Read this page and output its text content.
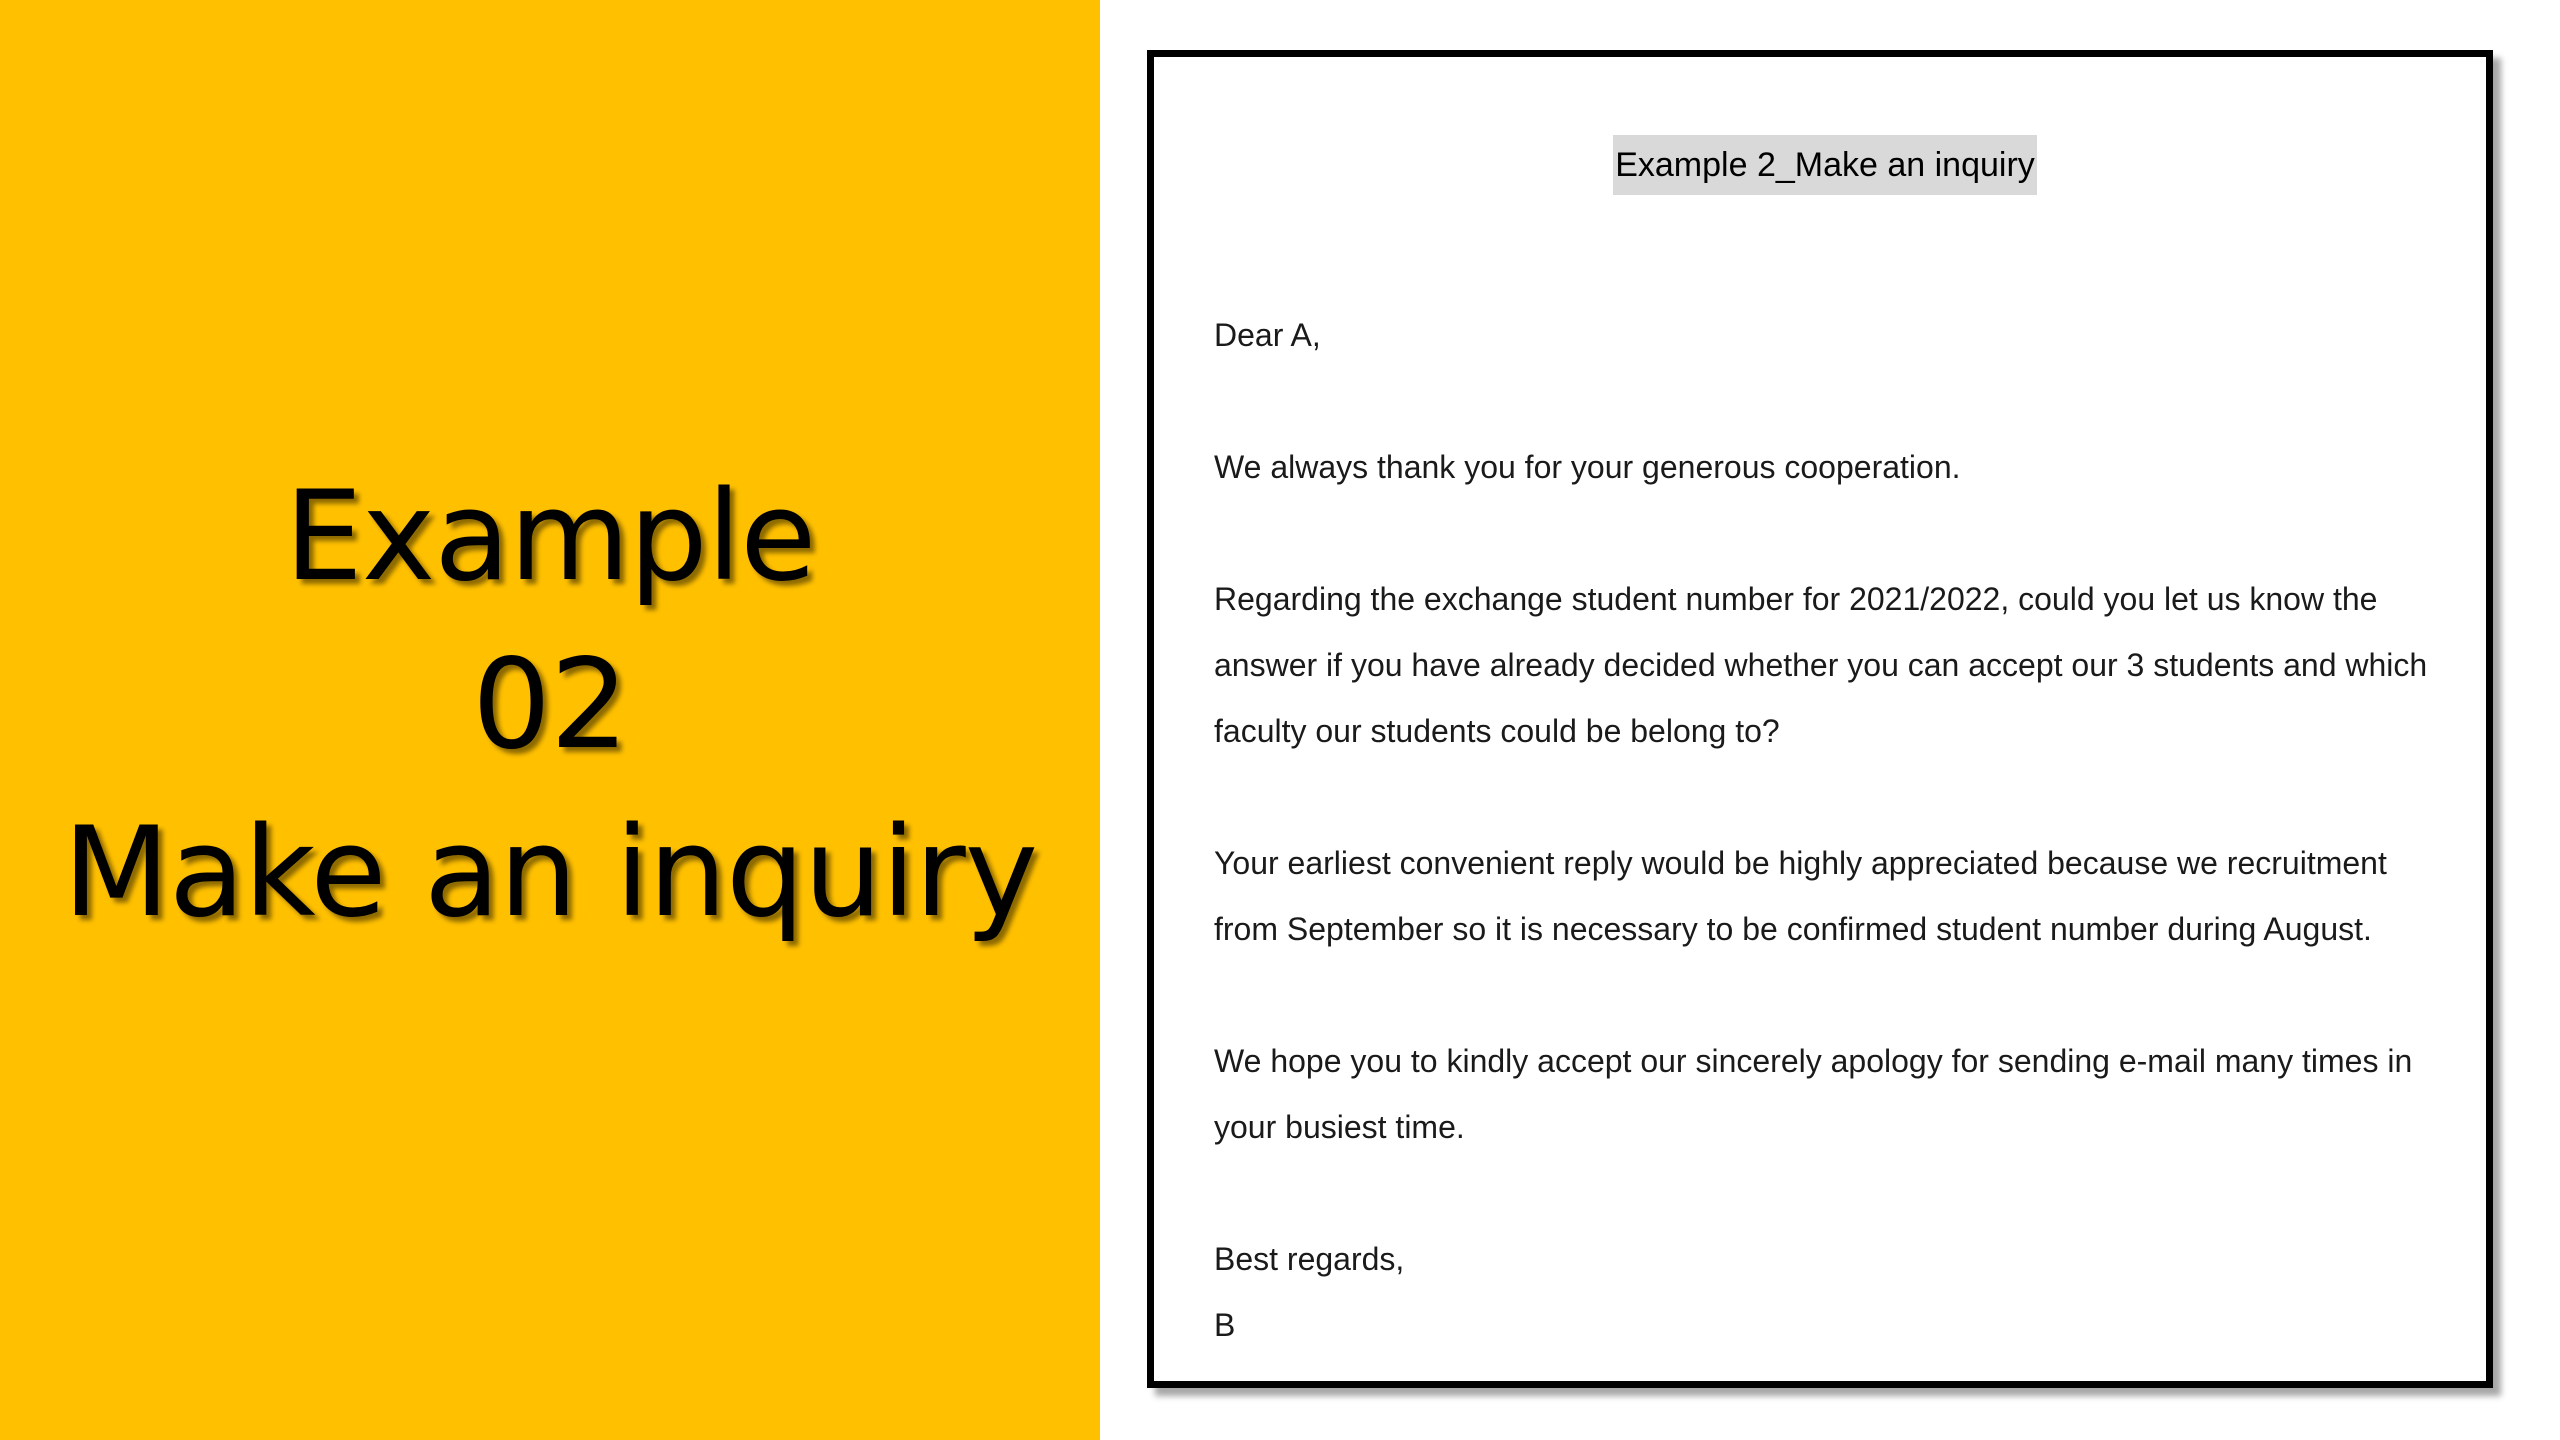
Example
02
Make an inquiry
Example 2_Make an inquiry

Dear A,

We always thank you for your generous cooperation.

Regarding the exchange student number for 2021/2022, could you let us know the answer if you have already decided whether you can accept our 3 students and which faculty our students could be belong to?

Your earliest convenient reply would be highly appreciated because we recruitment from September so it is necessary to be confirmed student number during August.

We hope you to kindly accept our sincerely apology for sending e-mail many times in your busiest time.

Best regards,

B
